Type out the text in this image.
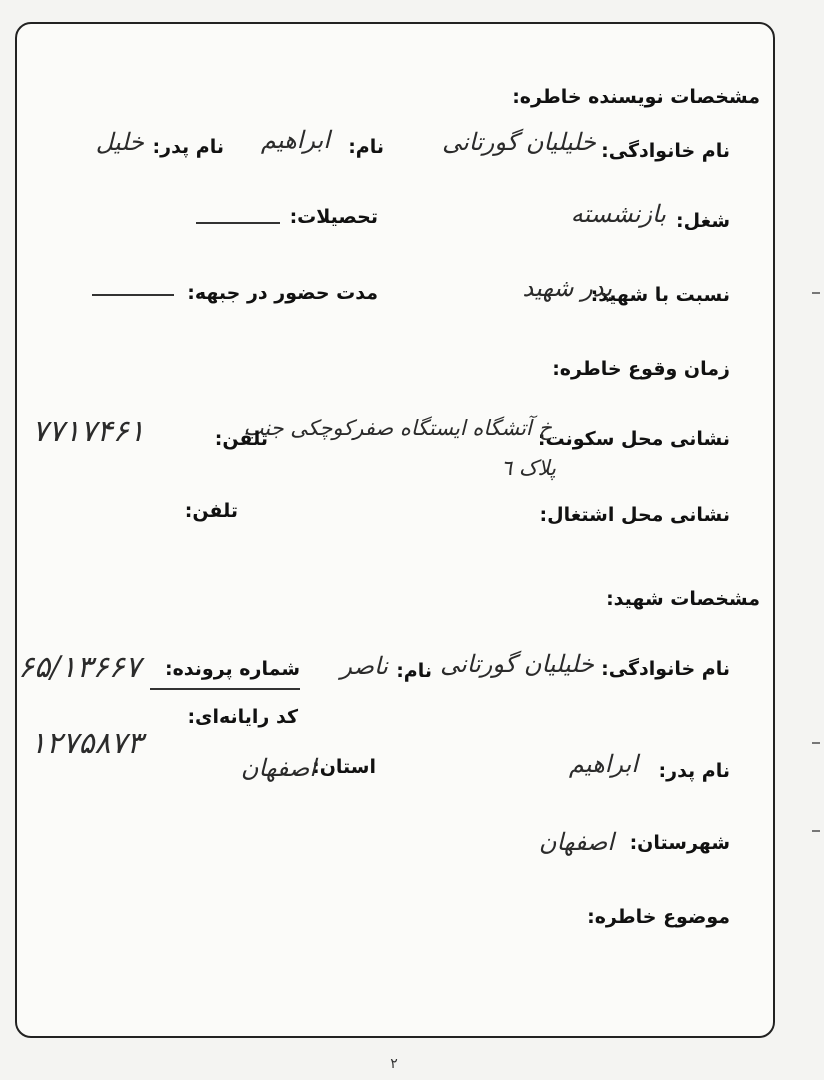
مشخصات نویسنده خاطره:
نام خانوادگی:
خلیلیان گورتانی
نام:
ابراهیم
نام پدر:
خلیل
شغل:
بازنشسته
تحصیلات:
نسبت با شهید:
پدر شهید
مدت حضور در جبهه:
زمان وقوع خاطره:
نشانی محل سکونت:
خ آتشگاه ایستگاه صفرکوچکی جنب
پلاک ٦
تلفن:
۷۷۱۷۴۶۱
نشانی محل اشتغال:
تلفن:
مشخصات شهید:
نام خانوادگی:
خلیلیان گورتانی
نام:
ناصر
شماره پرونده:
۶۵/۱۳۶۶۷
کد رایانه‌ای:
۱۲۷۵۸۷۳
نام پدر:
ابراهیم
استان:
اصفهان
شهرستان:
اصفهان
موضوع خاطره:
۲
